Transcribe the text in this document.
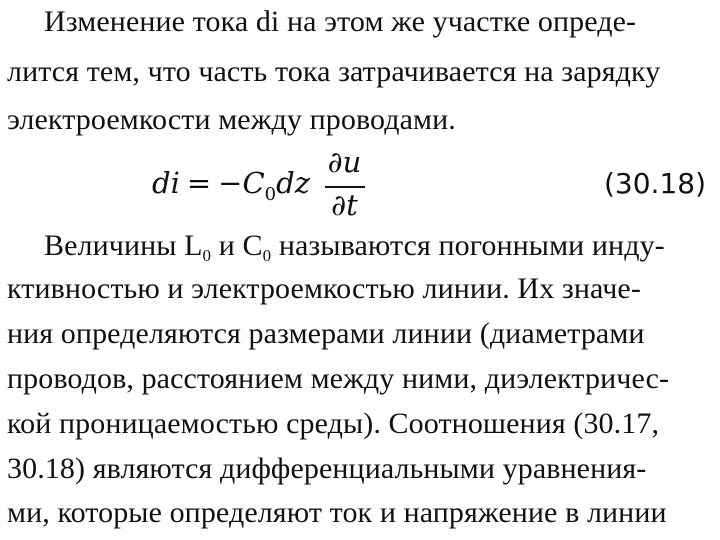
Изменение тока di на этом же участке опреде-
лится тем, что часть тока затрачивается на зарядку
электроемкости между проводами.
di = $-C_0dz$
∂u
∂t
(30.18)
Величины $L_0$ и $С_0$ называются погонными инду-
ктивностью и электроемкостью линии. Их значе-
ния определяются размерами линии (диаметрами
проводов, расстоянием между ними, диэлектричес-
кой проницаемостью среды). Соотношения (30.17,
30.18) являются дифференциальными уравнения-
ми, которые определяют ток и напряжение в линии
